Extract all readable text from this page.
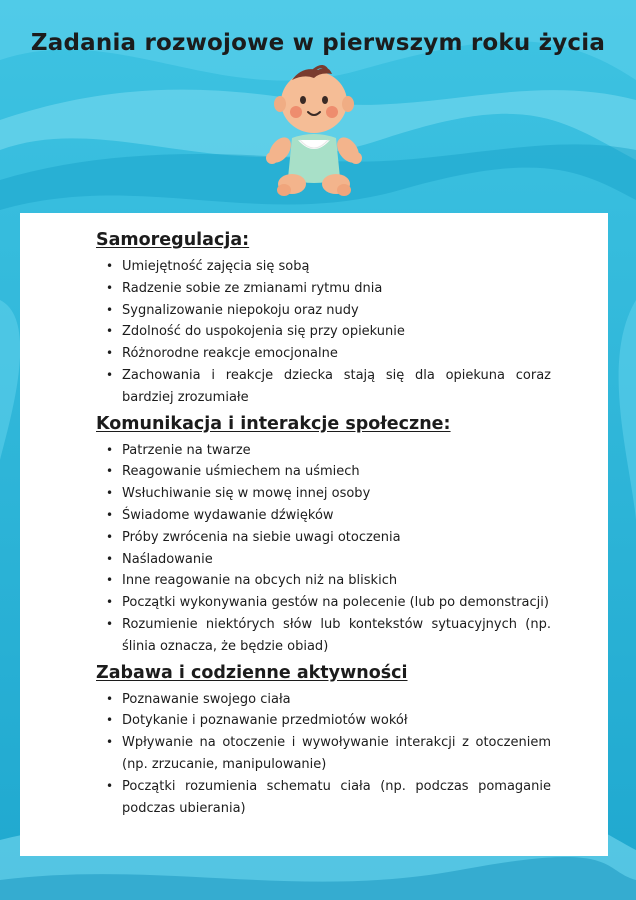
Zadania rozwojowe w pierwszym roku życia
Samoregulacja:
• Umiejętność zajęcia się sobą
• Radzenie sobie ze zmianami rytmu dnia
• Sygnalizowanie niepokoju oraz nudy
• Zdolność do uspokojenia się przy opiekunie
• Różnorodne reakcje emocjonalne
• Zachowania i reakcje dziecka stają się dla opiekuna coraz bardziej zrozumiałe
Komunikacja i interakcje społeczne:
• Patrzenie na twarze
• Reagowanie uśmiechem na uśmiech
• Wsłuchiwanie się w mowę innej osoby
• Świadome wydawanie dźwięków
• Próby zwrócenia na siebie uwagi otoczenia
• Naśladowanie
• Inne reagowanie na obcych niż na bliskich
• Początki wykonywania gestów na polecenie (lub po demonstracji)
• Rozumienie niektórych słów lub kontekstów sytuacyjnych (np. ślinia oznacza, że będzie obiad)
Zabawa i codzienne aktywności
• Poznawanie swojego ciała
• Dotykanie i poznawanie przedmiotów wokół
• Wpływanie na otoczenie i wywoływanie interakcji z otoczeniem (np. zrzucanie, manipulowanie)
• Początki rozumienia schematu ciała (np. podczas pomaganie podczas ubierania)
